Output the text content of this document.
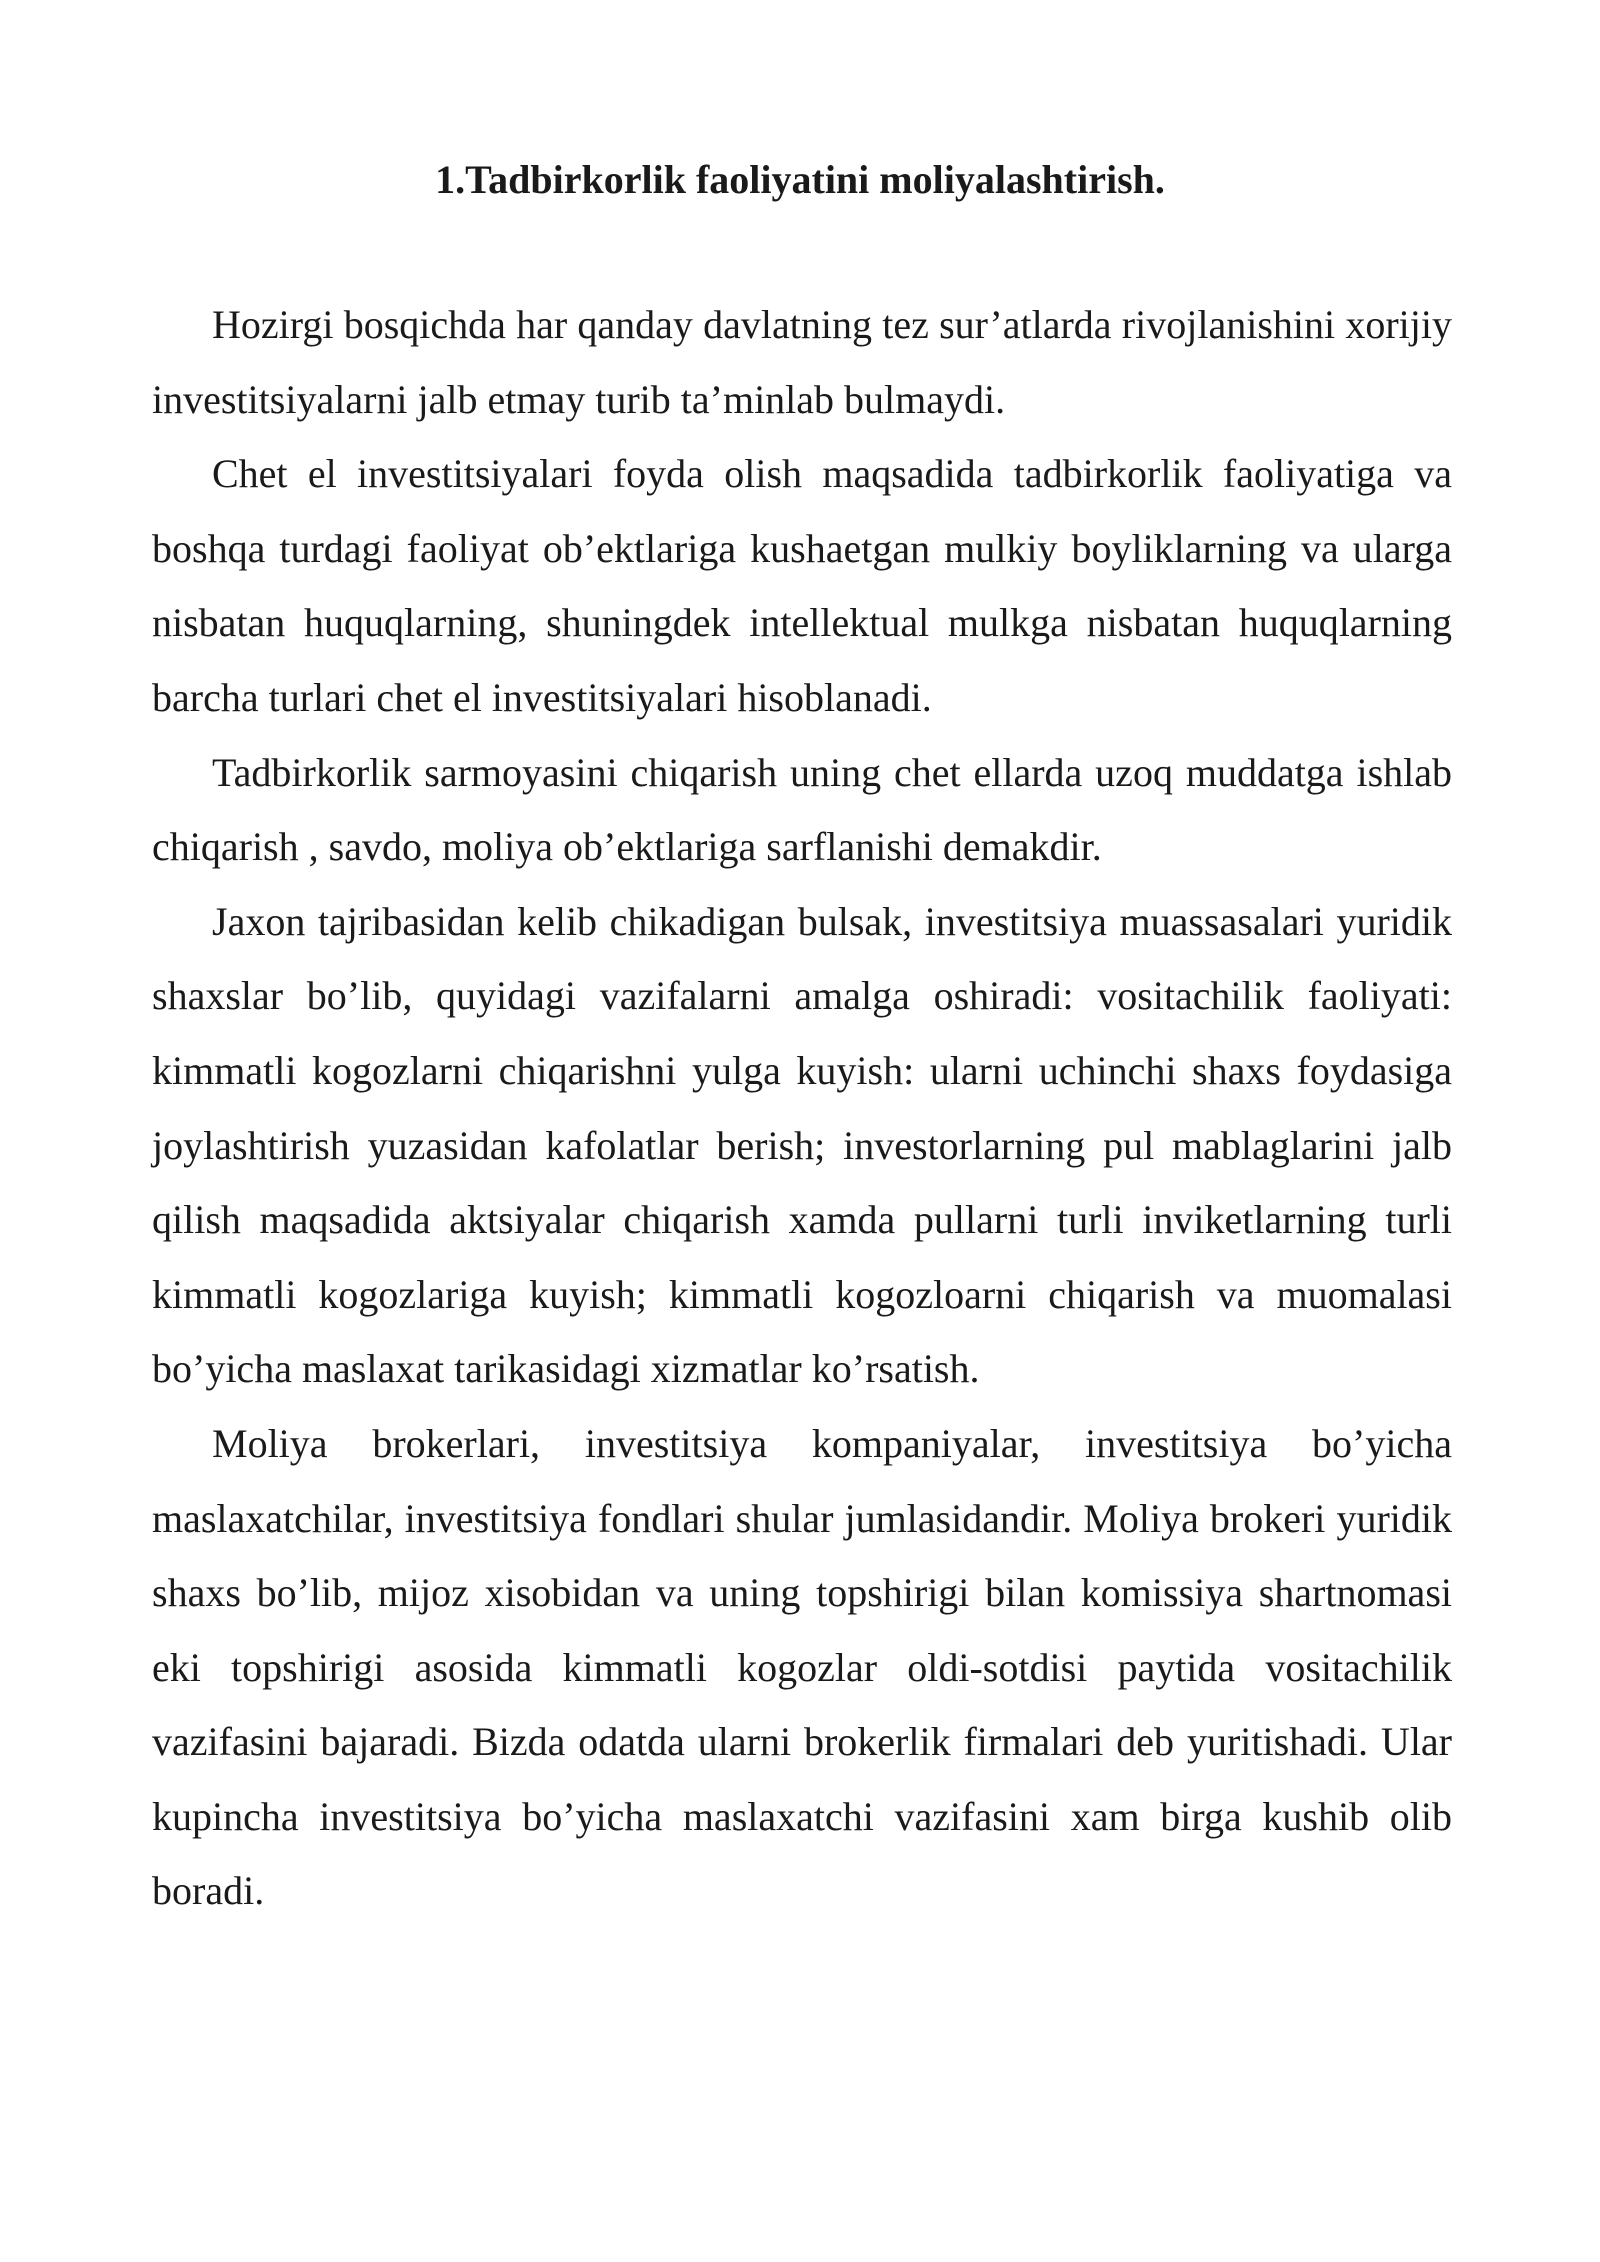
1.Tadbirkorlik faoliyatini moliyalashtirish.

Hozirgi bosqichda har qanday davlatning tez sur’atlarda rivojlanishini xorijiy investitsiyalarni jalb etmay turib ta’minlab bulmaydi.

Chet el investitsiyalari foyda olish maqsadida tadbirkorlik faoliyatiga va boshqa turdagi faoliyat ob’ektlariga kushaetgan mulkiy boyliklarning va ularga nisbatan huquqlarning, shuningdek intellektual mulkga nisbatan huquqlarning barcha turlari chet el investitsiyalari hisoblanadi.

Tadbirkorlik sarmoyasini chiqarish uning chet ellarda uzoq muddatga ishlab chiqarish , savdo, moliya ob’ektlariga sarflanishi demakdir.

Jaxon tajribasidan kelib chikadigan bulsak, investitsiya muassasalari yuridik shaxslar bo’lib, quyidagi vazifalarni amalga oshiradi: vositachilik faoliyati: kimmatli kogozlarni chiqarishni yulga kuyish: ularni uchinchi shaxs foydasiga joylashtirish yuzasidan kafolatlar berish; investorlarning pul mablaglarini jalb qilish maqsadida aktsiyalar chiqarish xamda pullarni turli inviketlarning turli kimmatli kogozlariga kuyish; kimmatli kogozloarni chiqarish va muomalasi bo’yicha maslaxat tarikasidagi xizmatlar ko’rsatish.

Moliya brokerlari, investitsiya kompaniyalar, investitsiya bo’yicha maslaxatchilar, investitsiya fondlari shular jumlasidandir. Moliya brokeri yuridik shaxs bo’lib, mijoz xisobidan va uning topshirigi bilan komissiya shartnomasi eki topshirigi asosida kimmatli kogozlar oldi-sotdisi paytida vositachilik vazifasini bajaradi. Bizda odatda ularni brokerlik firmalari deb yuritishadi. Ular kupincha investitsiya bo’yicha maslaxatchi vazifasini xam birga kushib olib boradi.
